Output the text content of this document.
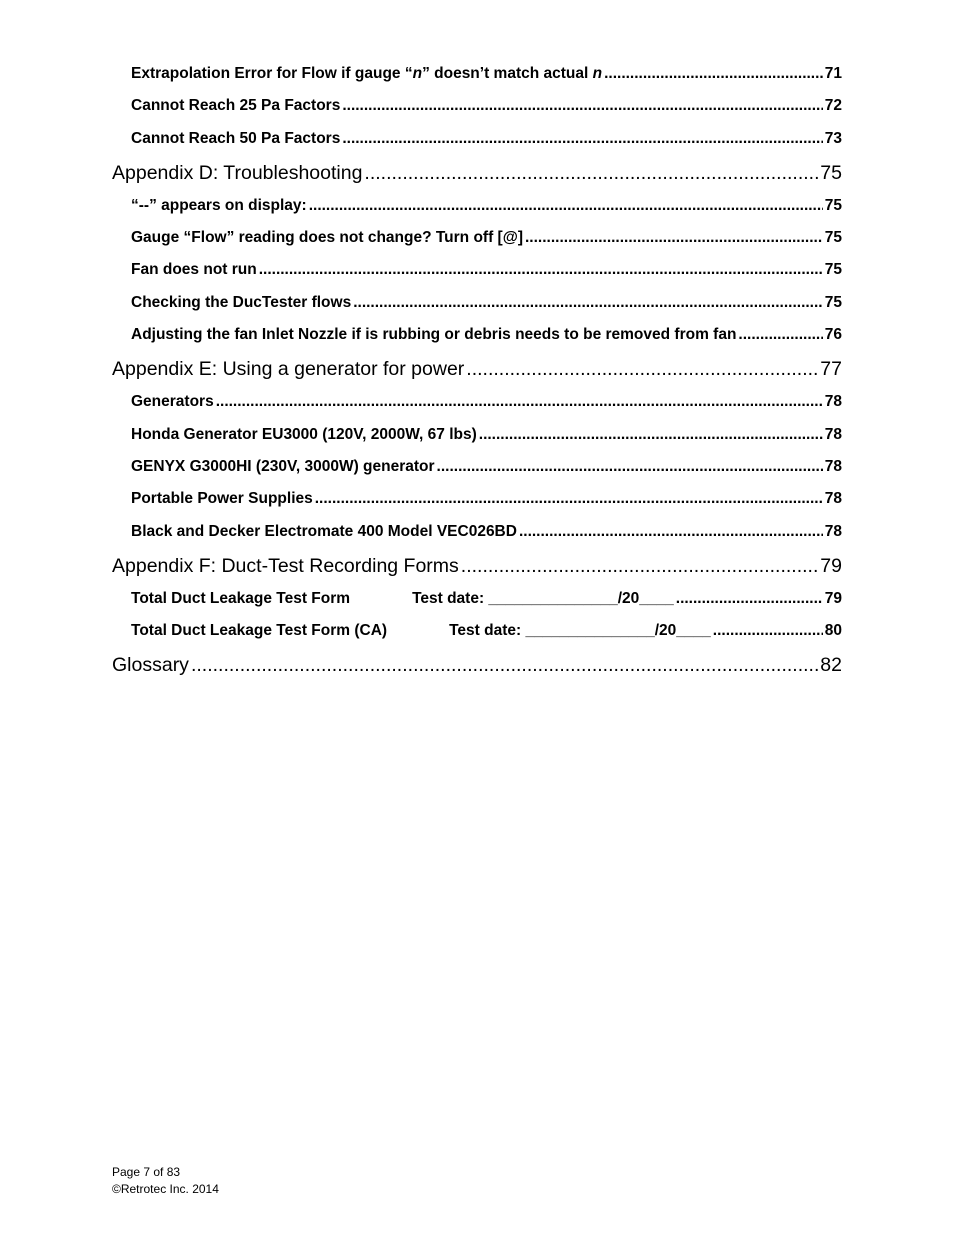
Extrapolation Error for Flow if gauge “n” doesn’t match actual n .....	71
Cannot Reach 25 Pa Factors .....	72
Cannot Reach 50 Pa Factors .....	73
Appendix D: Troubleshooting .....	75
“--” appears on display: .....	75
Gauge “Flow” reading does not change? Turn off [@] .....	75
Fan does not run .....	75
Checking the DucTester flows .....	75
Adjusting the fan Inlet Nozzle if is rubbing or debris needs to be removed from fan .....	76
Appendix E: Using a generator for power .....	77
Generators .....	78
Honda Generator EU3000 (120V, 2000W, 67 lbs) .....	78
GENYX G3000HI (230V, 3000W) generator .....	78
Portable Power Supplies .....	78
Black and Decker Electromate 400 Model VEC026BD .....	78
Appendix F: Duct-Test Recording Forms .....	79
Total Duct Leakage Test Form	Test date: _______________/20____ .....	79
Total Duct Leakage Test Form (CA)	Test date: _______________/20____ .....	80
Glossary .....	82
Page 7 of 83
©Retrotec Inc. 2014
